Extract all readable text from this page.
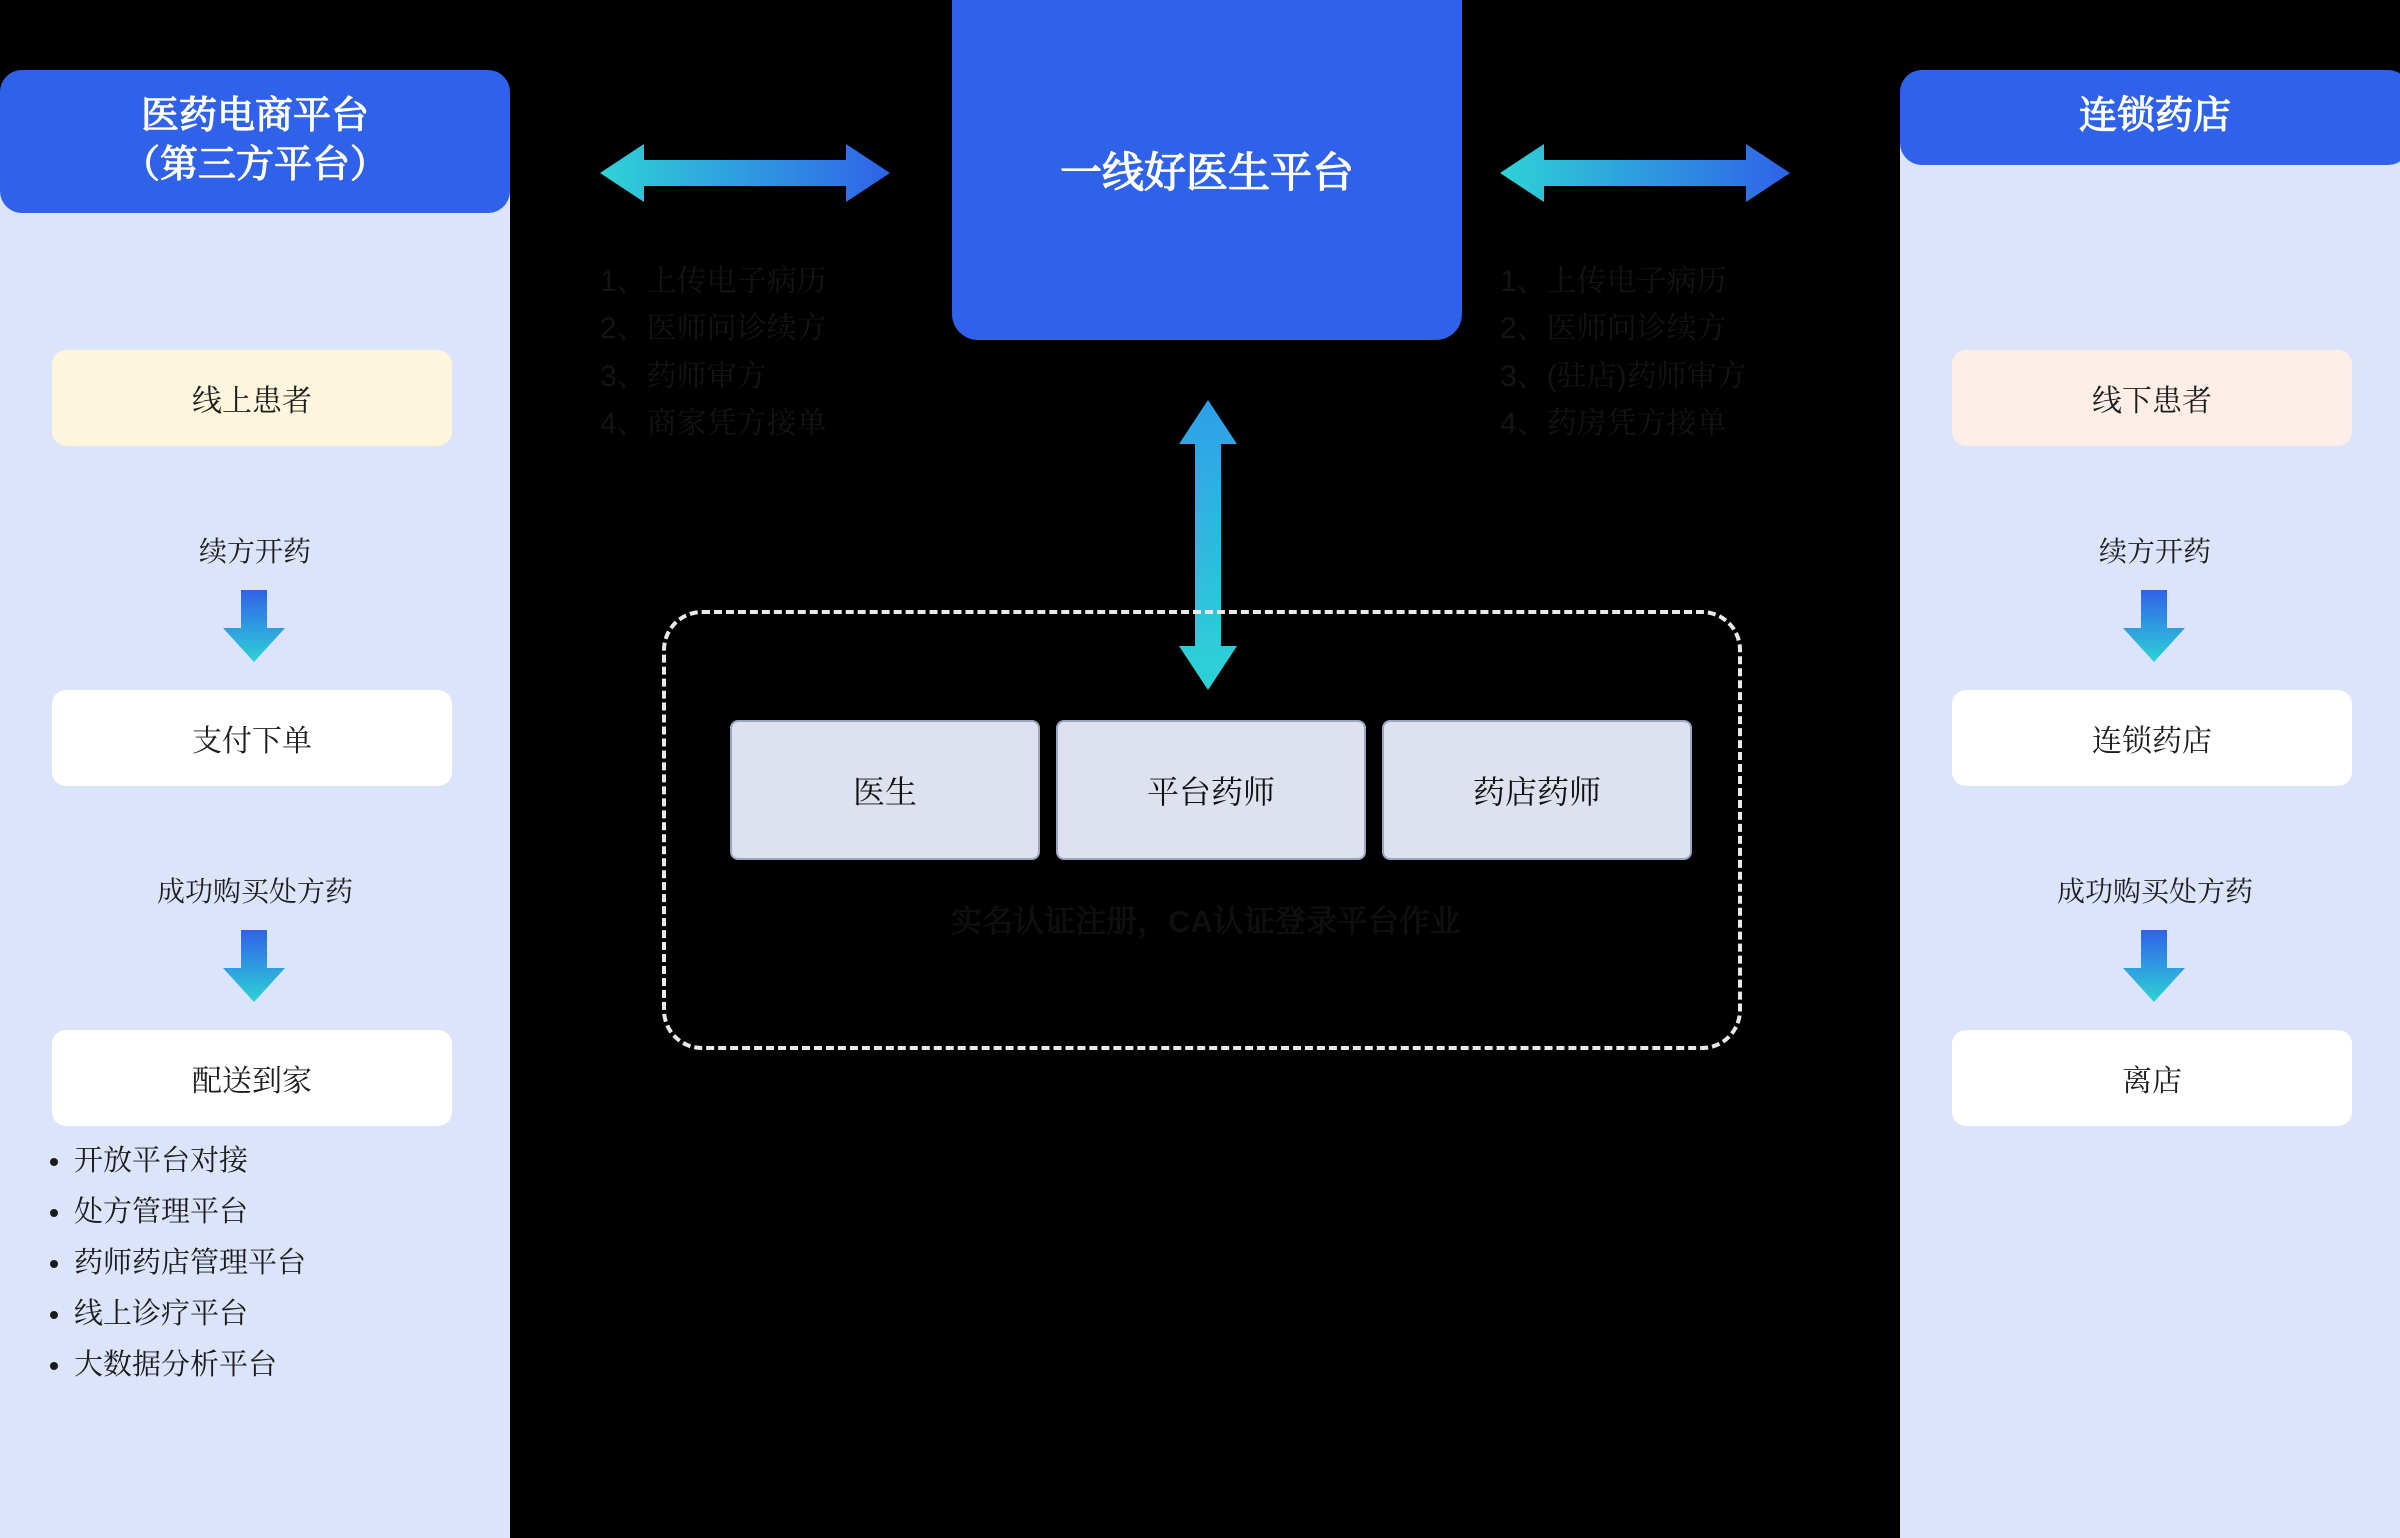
医药电商平台
（第三方平台）
线上患者
续方开药
支付下单
成功购买处方药
配送到家
开放平台对接
处方管理平台
药师药店管理平台
线上诊疗平台
大数据分析平台
连锁药店
线下患者
续方开药
连锁药店
成功购买处方药
离店
一线好医生平台
1、上传电子病历
2、医师问诊续方
3、药师审方
4、商家凭方接单
1、上传电子病历
2、医师问诊续方
3、(驻店)药师审方
4、药房凭方接单
医生	平台药师	药店药师
实名认证注册，CA认证登录平台作业
